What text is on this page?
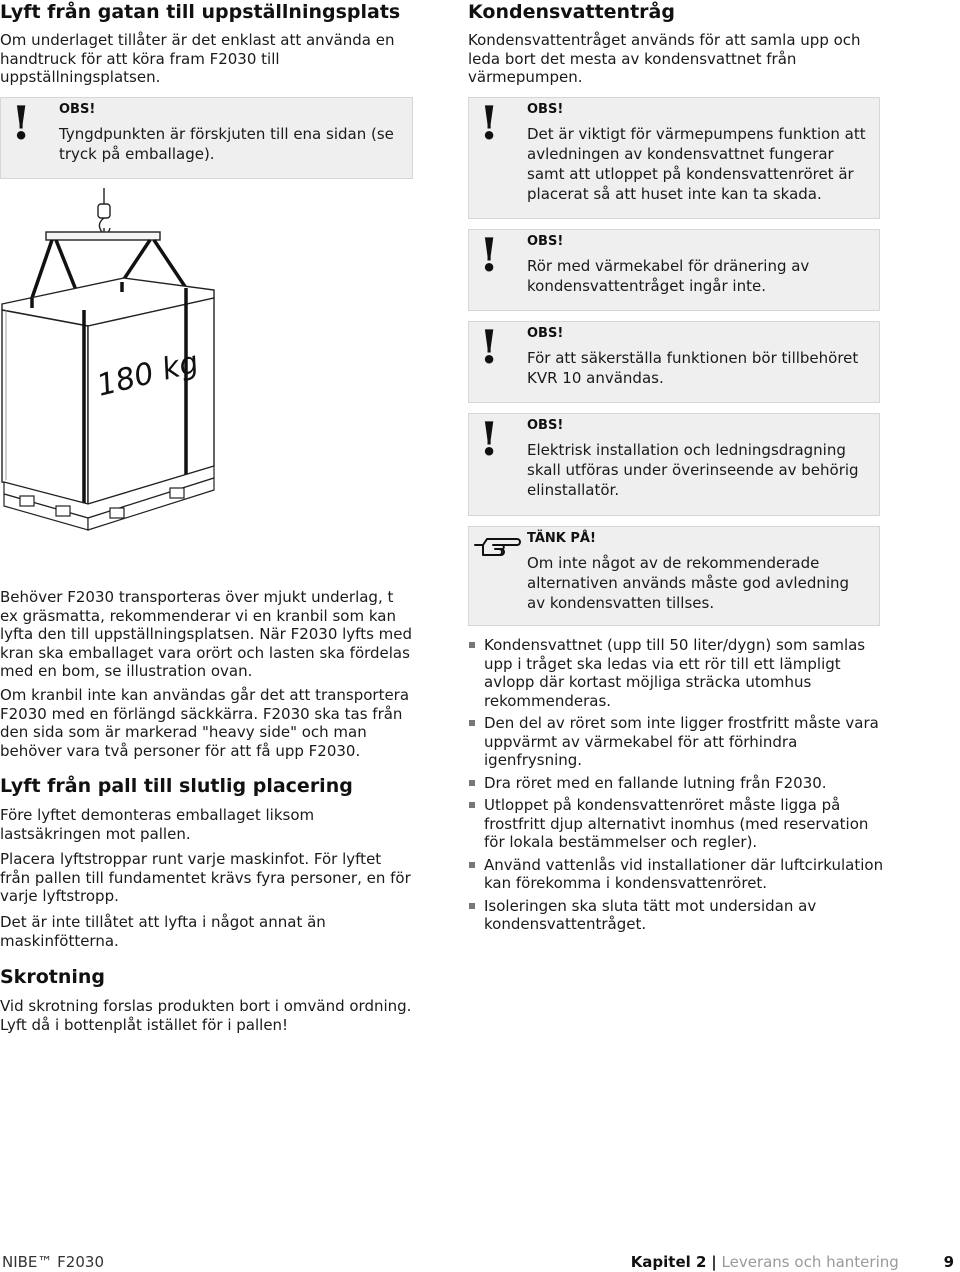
Lyft från gatan till uppställningsplats

Om underlaget tillåter är det enklast att använda en handtruck för att köra fram F2030 till uppställningsplatsen.

! OBS!
Tyngdpunkten är förskjuten till ena sidan (se tryck på emballage).
180 kg

Behöver F2030 transporteras över mjukt underlag, t ex gräsmatta, rekommenderar vi en kranbil som kan lyfta den till uppställningsplatsen. När F2030 lyfts med kran ska emballaget vara orört och lasten ska fördelas med en bom, se illustration ovan.

Om kranbil inte kan användas går det att transportera F2030 med en förlängd säckkärra. F2030 ska tas från den sida som är markerad "heavy side" och man behöver vara två personer för att få upp F2030.

Lyft från pall till slutlig placering

Före lyftet demonteras emballaget liksom lastsäkringen mot pallen.

Placera lyftstroppar runt varje maskinfot. För lyftet från pallen till fundamentet krävs fyra personer, en för varje lyftstropp.

Det är inte tillåtet att lyfta i något annat än maskinfötterna.

Skrotning

Vid skrotning forslas produkten bort i omvänd ordning. Lyft då i bottenplåt istället för i pallen!

Kondensvattentråg

Kondensvattentråget används för att samla upp och leda bort det mesta av kondensvattnet från värmepumpen.

! OBS!
Det är viktigt för värmepumpens funktion att avledningen av kondensvattnet fungerar samt att utloppet på kondensvattenröret är placerat så att huset inte kan ta skada.
! OBS!
Rör med värmekabel för dränering av kondensvattentråget ingår inte.
! OBS!
För att säkerställa funktionen bör tillbehöret KVR 10 användas.
! OBS!
Elektrisk installation och ledningsdragning skall utföras under överinseende av behörig elinstallatör.
TÄNK PÅ!
Om inte något av de rekommenderade alternativen används måste god avledning av kondensvatten tillses.
Kondensvattnet (upp till 50 liter/dygn) som samlas upp i tråget ska ledas via ett rör till ett lämpligt avlopp där kortast möjliga sträcka utomhus rekommenderas.
Den del av röret som inte ligger frostfritt måste vara uppvärmt av värmekabel för att förhindra igenfrysning.
Dra röret med en fallande lutning från F2030.
Utloppet på kondensvattenröret måste ligga på frostfritt djup alternativt inomhus (med reservation för lokala bestämmelser och regler).
Använd vattenlås vid installationer där luftcirkulation kan förekomma i kondensvattenröret.
Isoleringen ska sluta tätt mot undersidan av kondensvattentråget.
NIBE™ F2030	Kapitel 2 | Leverans och hantering	9
